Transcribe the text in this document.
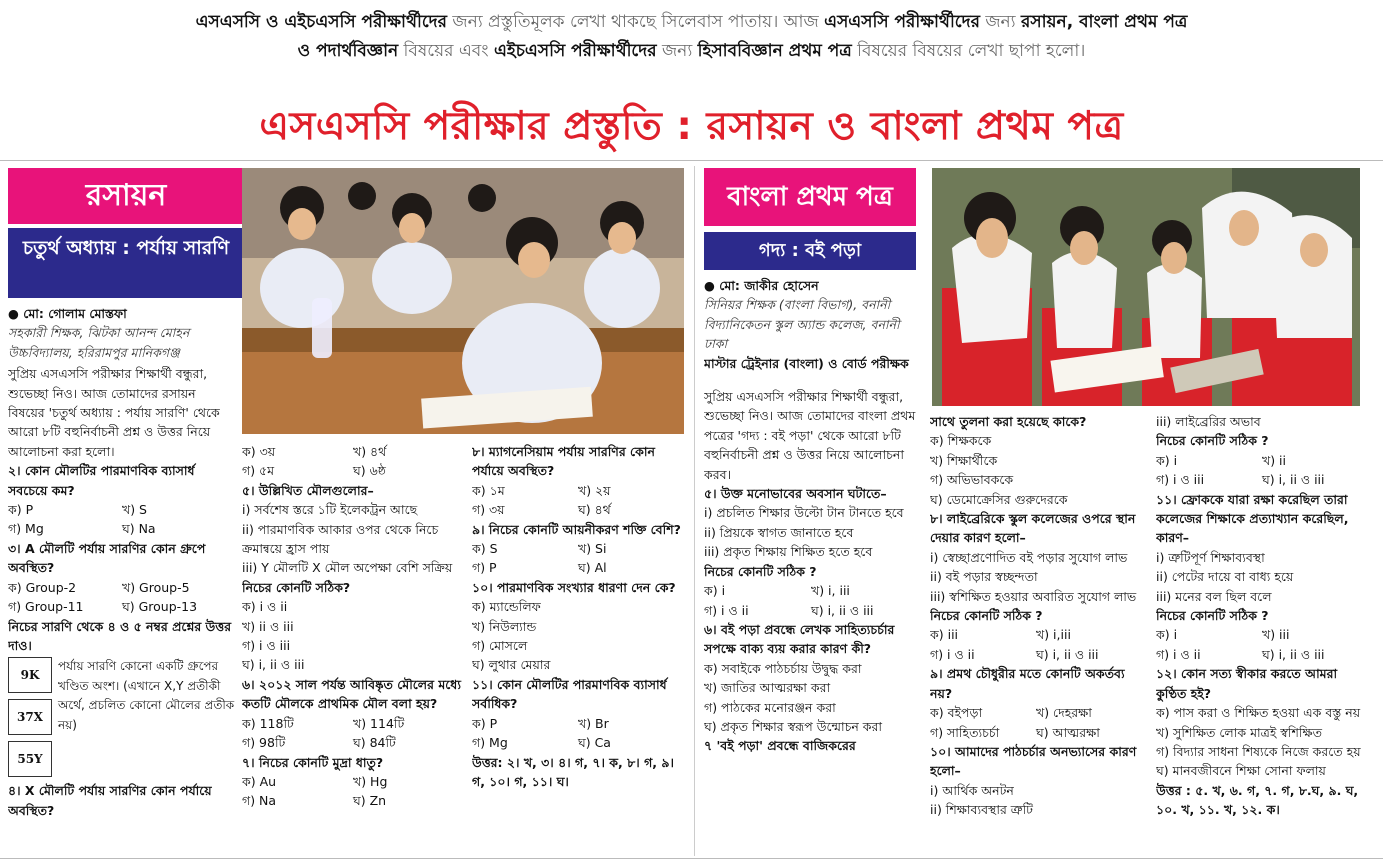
এসএসসি ও এইচএসসি পরীক্ষার্থীদের জন্য প্রস্তুতিমূলক লেখা থাকছে সিলেবাস পাতায়। আজ এসএসসি পরীক্ষার্থীদের জন্য রসায়ন, বাংলা প্রথম পত্র
ও পদার্থবিজ্ঞান বিষয়ের এবং এইচএসসি পরীক্ষার্থীদের জন্য হিসাববিজ্ঞান প্রথম পত্র বিষয়ের বিষয়ের লেখা ছাপা হলো।
এসএসসি পরীক্ষার প্রস্তুতি : রসায়ন ও বাংলা প্রথম পত্র
রসায়ন
চতুর্থ অধ্যায় : পর্যায় সারণি

● মো: গোলাম মোস্তফা

সহকারী শিক্ষক, ঝিটকা আনন্দ মোহন উচ্চবিদ্যালয়, হরিরামপুর মানিকগঞ্জ

সুপ্রিয় এসএসসি পরীক্ষার শিক্ষার্থী বন্ধুরা, শুভেচ্ছা নিও। আজ তোমাদের রসায়ন বিষয়ের 'চতুর্থ অধ্যায় : পর্যায় সারণি' থেকে আরো ৮টি বহুনির্বাচনী প্রশ্ন ও উত্তর নিয়ে আলোচনা করা হলো।

২। কোন মৌলটির পারমাণবিক ব্যাসার্ধ সবচেয়ে কম?

ক) P	খ) S
গ) Mg	ঘ) Na

৩। A মৌলটি পর্যায় সারণির কোন গ্রুপে অবস্থিত?

ক) Group-2	খ) Group-5
গ) Group-11	ঘ) Group-13

নিচের সারণি থেকে ৪ ও ৫ নম্বর প্রশ্নের উত্তর দাও।

9K
37X
55Y

পর্যায় সারণি কোনো একটি গ্রুপের খণ্ডিত অংশ। (এখানে X,Y প্রতীকী অর্থে, প্রচলিত কোনো মৌলের প্রতীক নয়)

৪। X মৌলটি পর্যায় সারণির কোন পর্যায়ে অবস্থিত?

ক) ৩য়	খ) ৪র্থ
গ) ৫ম	ঘ) ৬ষ্ঠ

৫। উল্লিখিত মৌলগুলোর–

i) সর্বশেষ স্তরে ১টি ইলেকট্রন আছে

ii) পারমাণবিক আকার ওপর থেকে নিচে ক্রমান্বয়ে হ্রাস পায়

iii) Y মৌলটি X মৌল অপেক্ষা বেশি সক্রিয়

নিচের কোনটি সঠিক?

ক) i ও ii

খ) ii ও iii

গ) i ও iii

ঘ) i, ii ও iii

৬। ২০১২ সাল পর্যন্ত আবিষ্কৃত মৌলের মধ্যে কতটি মৌলকে প্রাথমিক মৌল বলা হয়?

ক) 118টি	খ) 114টি
গ) 98টি	ঘ) 84টি

৭। নিচের কোনটি মুদ্রা ধাতু?

ক) Au	খ) Hg
গ) Na	ঘ) Zn

৮। ম্যাগনেসিয়াম পর্যায় সারণির কোন পর্যায়ে অবস্থিত?

ক) ১ম	খ) ২য়
গ) ৩য়	ঘ) ৪র্থ

৯। নিচের কোনটি আয়নীকরণ শক্তি বেশি?

ক) S	খ) Si
গ) P	ঘ) Al

১০। পারমাণবিক সংখ্যার ধারণা দেন কে?

ক) ম্যান্ডেলিফ

খ) নিউল্যান্ড

গ) মোসলে

ঘ) লুথার মেয়ার

১১। কোন মৌলটির পারমাণবিক ব্যাসার্ধ সর্বাধিক?

ক) P	খ) Br
গ) Mg	ঘ) Ca

উত্তর: ২। খ, ৩। ৪। গ, ৭। ক, ৮। গ, ৯। গ, ১০। গ, ১১। ঘ।

বাংলা প্রথম পত্র
গদ্য : বই পড়া

● মো: জাকীর হোসেন

সিনিয়র শিক্ষক (বাংলা বিভাগ), বনানী বিদ্যানিকেতন স্কুল অ্যান্ড কলেজ, বনানী ঢাকা

মাস্টার ট্রেইনার (বাংলা) ও বোর্ড পরীক্ষক

সুপ্রিয় এসএসসি পরীক্ষার শিক্ষার্থী বন্ধুরা, শুভেচ্ছা নিও। আজ তোমাদের বাংলা প্রথম পত্রের 'গদ্য : বই পড়া' থেকে আরো ৮টি বহুনির্বাচনী প্রশ্ন ও উত্তর নিয়ে আলোচনা করব।

৫। উক্ত মনোভাবের অবসান ঘটাতে–

i) প্রচলিত শিক্ষার উল্টো টান টানতে হবে

ii) প্রিয়কে স্বাগত জানাতে হবে

iii) প্রকৃত শিক্ষায় শিক্ষিত হতে হবে

নিচের কোনটি সঠিক ?

ক) i	খ) i, iii
গ) i ও ii	ঘ) i, ii ও iii

৬। বই পড়া প্রবন্ধে লেখক সাহিত্যচর্চার সপক্ষে বাক্য ব্যয় করার কারণ কী?

ক) সবাইকে পাঠচর্চায় উদ্বুদ্ধ করা

খ) জাতির আত্মরক্ষা করা

গ) পাঠকের মনোরঞ্জন করা

ঘ) প্রকৃত শিক্ষার স্বরূপ উন্মোচন করা

৭ 'বই পড়া' প্রবন্ধে বাজিকরের

সাথে তুলনা করা হয়েছে কাকে?

ক) শিক্ষককে

খ) শিক্ষার্থীকে

গ) অভিভাবককে

ঘ) ডেমোক্রেসির গুরুদেরকে

৮। লাইব্রেরিকে স্কুল কলেজের ওপরে স্থান দেয়ার কারণ হলো–

i) স্বেচ্ছাপ্রণোদিত বই পড়ার সুযোগ লাভ

ii) বই পড়ার স্বচ্ছন্দতা

iii) স্বশিক্ষিত হওয়ার অবারিত সুযোগ লাভ

নিচের কোনটি সঠিক ?

ক) iii	খ) i,iii
গ) i ও ii	ঘ) i, ii ও iii

৯। প্রমথ চৌধুরীর মতে কোনটি অকর্তব্য নয়?

ক) বইপড়া	খ) দেহরক্ষা
গ) সাহিত্যচর্চা	ঘ) আত্মরক্ষা

১০। আমাদের পাঠচর্চার অনভ্যাসের কারণ হলো–

i) আর্থিক অনটন

ii) শিক্ষাব্যবস্থার ত্রুটি

iii) লাইব্রেরির অভাব

নিচের কোনটি সঠিক ?

ক) i	খ) ii
গ) i ও iii	ঘ) i, ii ও iii

১১। ফ্রোককে যারা রক্ষা করেছিল তারা কলেজের শিক্ষাকে প্রত্যাখ্যান করেছিল, কারণ–

i) ত্রুটিপূর্ণ শিক্ষাব্যবস্থা

ii) পেটের দায়ে বা বাধ্য হয়ে

iii) মনের বল ছিল বলে

নিচের কোনটি সঠিক ?

ক) i	খ) iii
গ) i ও ii	ঘ) i, ii ও iii

১২। কোন সত্য স্বীকার করতে আমরা কুণ্ঠিত হই?

ক) পাস করা ও শিক্ষিত হওয়া এক বস্তু নয়

খ) সুশিক্ষিত লোক মাত্রই স্বশিক্ষিত

গ) বিদ্যার সাধনা শিষ্যকে নিজে করতে হয়

ঘ) মানবজীবনে শিক্ষা সোনা ফলায়

উত্তর : ৫. খ, ৬. গ, ৭. গ, ৮.ঘ, ৯. ঘ, ১০. খ, ১১. খ, ১২. ক।
